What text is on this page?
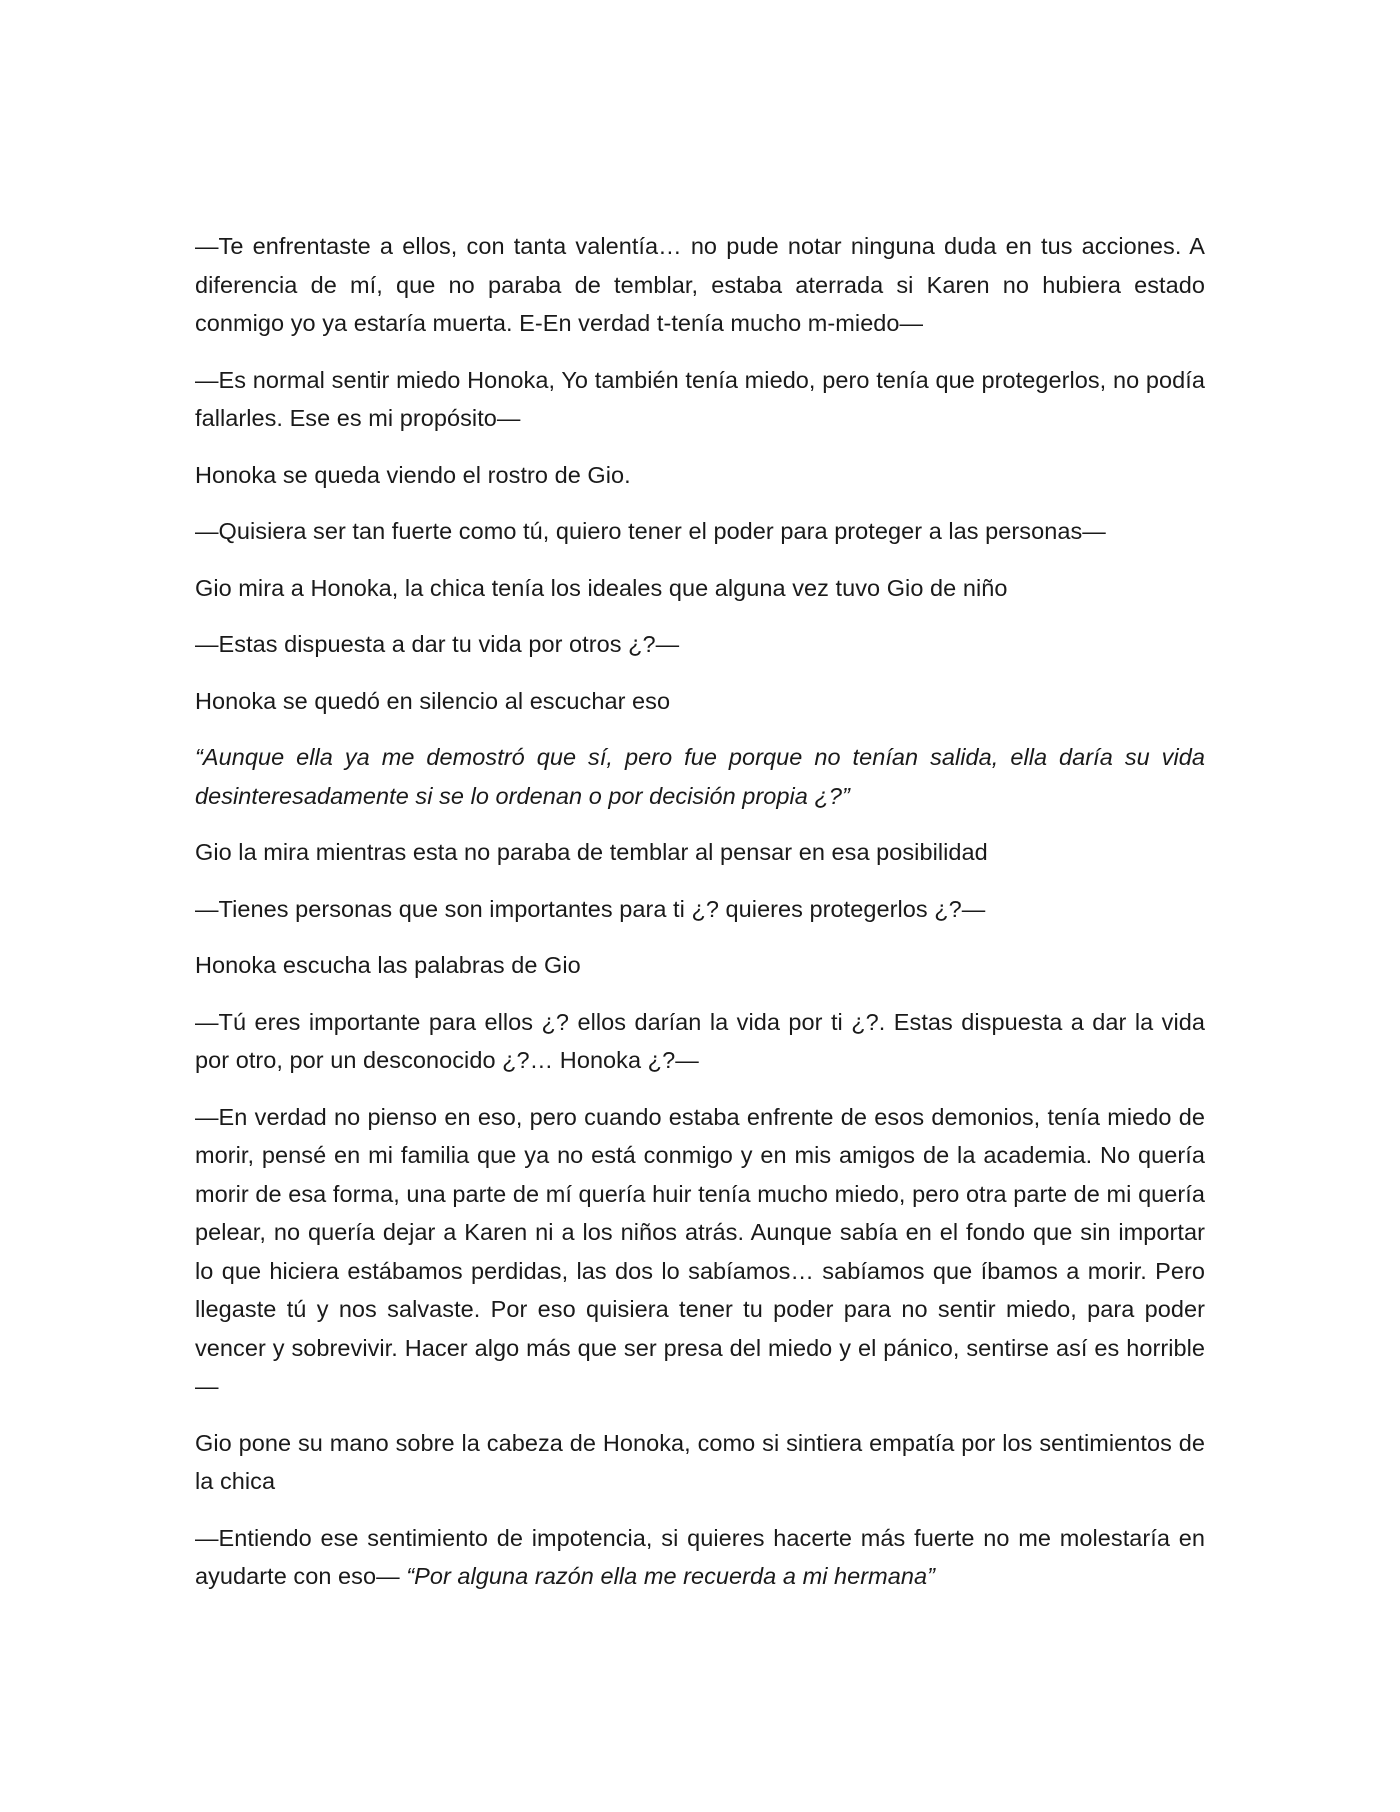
—Te enfrentaste a ellos, con tanta valentía… no pude notar ninguna duda en tus acciones. A diferencia de mí, que no paraba de temblar, estaba aterrada si Karen no hubiera estado conmigo yo ya estaría muerta. E-En verdad t-tenía mucho m-miedo—

—Es normal sentir miedo Honoka, Yo también tenía miedo, pero tenía que protegerlos, no podía fallarles. Ese es mi propósito—

Honoka se queda viendo el rostro de Gio.

—Quisiera ser tan fuerte como tú, quiero tener el poder para proteger a las personas—

Gio mira a Honoka, la chica tenía los ideales que alguna vez tuvo Gio de niño

—Estas dispuesta a dar tu vida por otros ¿?—

Honoka se quedó en silencio al escuchar eso

“Aunque ella ya me demostró que sí, pero fue porque no tenían salida, ella daría su vida desinteresadamente si se lo ordenan o por decisión propia ¿?”

Gio la mira mientras esta no paraba de temblar al pensar en esa posibilidad

—Tienes personas que son importantes para ti ¿? quieres protegerlos ¿?—

Honoka escucha las palabras de Gio

—Tú eres importante para ellos ¿? ellos darían la vida por ti ¿?. Estas dispuesta a dar la vida por otro, por un desconocido ¿?… Honoka ¿?—

—En verdad no pienso en eso, pero cuando estaba enfrente de esos demonios, tenía miedo de morir, pensé en mi familia que ya no está conmigo y en mis amigos de la academia. No quería morir de esa forma, una parte de mí quería huir tenía mucho miedo, pero otra parte de mi quería pelear, no quería dejar a Karen ni a los niños atrás. Aunque sabía en el fondo que sin importar lo que hiciera estábamos perdidas, las dos lo sabíamos… sabíamos que íbamos a morir. Pero llegaste tú y nos salvaste. Por eso quisiera tener tu poder para no sentir miedo, para poder vencer y sobrevivir. Hacer algo más que ser presa del miedo y el pánico, sentirse así es horrible—

Gio pone su mano sobre la cabeza de Honoka, como si sintiera empatía por los sentimientos de la chica

—Entiendo ese sentimiento de impotencia, si quieres hacerte más fuerte no me molestaría en ayudarte con eso— “Por alguna razón ella me recuerda a mi hermana”
